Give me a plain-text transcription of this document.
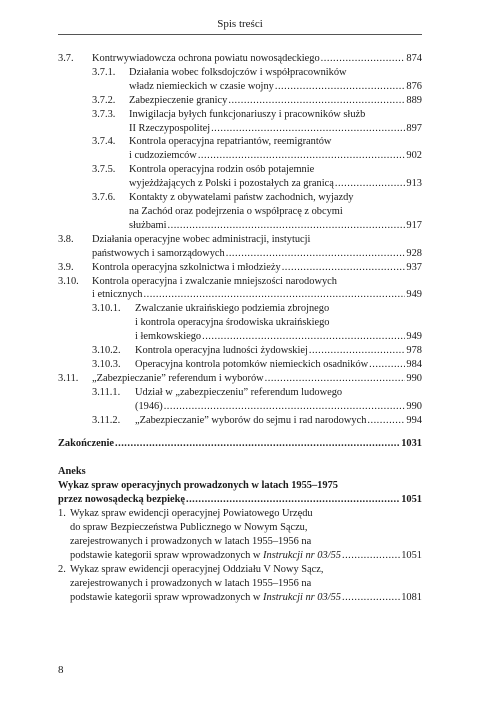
Spis treści
3.7.	Kontrwywiadowcza ochrona powiatu nowosądeckiego .....	874
3.7.1.	Działania wobec folksdojczów i współpracowników
władz niemieckich w czasie wojny .....	876
3.7.2.	Zabezpieczenie granicy .....	889
3.7.3.	Inwigilacja byłych funkcjonariuszy i pracowników służb
II Rzeczypospolitej .....	897
3.7.4.	Kontrola operacyjna repatriantów, reemigrantów
i cudzoziemców .....	902
3.7.5.	Kontrola operacyjna rodzin osób potajemnie
wyjeżdżających z Polski i pozostałych za granicą .....	913
3.7.6.	Kontakty z obywatelami państw zachodnich, wyjazdy
na Zachód oraz podejrzenia o współpracę z obcymi
służbami .....	917
3.8.	Działania operacyjne wobec administracji, instytucji
państwowych i samorządowych .....	928
3.9.	Kontrola operacyjna szkolnictwa i młodzieży .....	937
3.10.	Kontrola operacyjna i zwalczanie mniejszości narodowych
i etnicznych .....	949
3.10.1.	Zwalczanie ukraińskiego podziemia zbrojnego
i kontrola operacyjna środowiska ukraińskiego
i łemkowskiego .....	949
3.10.2.	Kontrola operacyjna ludności żydowskiej .....	978
3.10.3.	Operacyjna kontrola potomków niemieckich osadników .....	984
3.11.	„Zabezpieczanie” referendum i wyborów .....	990
3.11.1.	Udział w „zabezpieczeniu” referendum ludowego
(1946) .....	990
3.11.2.	„Zabezpieczanie” wyborów do sejmu i rad narodowych .....	994
Zakończenie .....	1031
Aneks
Wykaz spraw operacyjnych prowadzonych w latach 1955–1975
przez nowosądecką bezpiekę .....	1051
1. Wykaz spraw ewidencji operacyjnej Powiatowego Urzędu
do spraw Bezpieczeństwa Publicznego w Nowym Sączu,
zarejestrowanych i prowadzonych w latach 1955–1956 na
podstawie kategorii spraw wprowadzonych w Instrukcji nr 03/55 .....	1051
2. Wykaz spraw ewidencji operacyjnej Oddziału V Nowy Sącz,
zarejestrowanych i prowadzonych w latach 1955–1956 na
podstawie kategorii spraw wprowadzonych w Instrukcji nr 03/55 .....	1081
8
